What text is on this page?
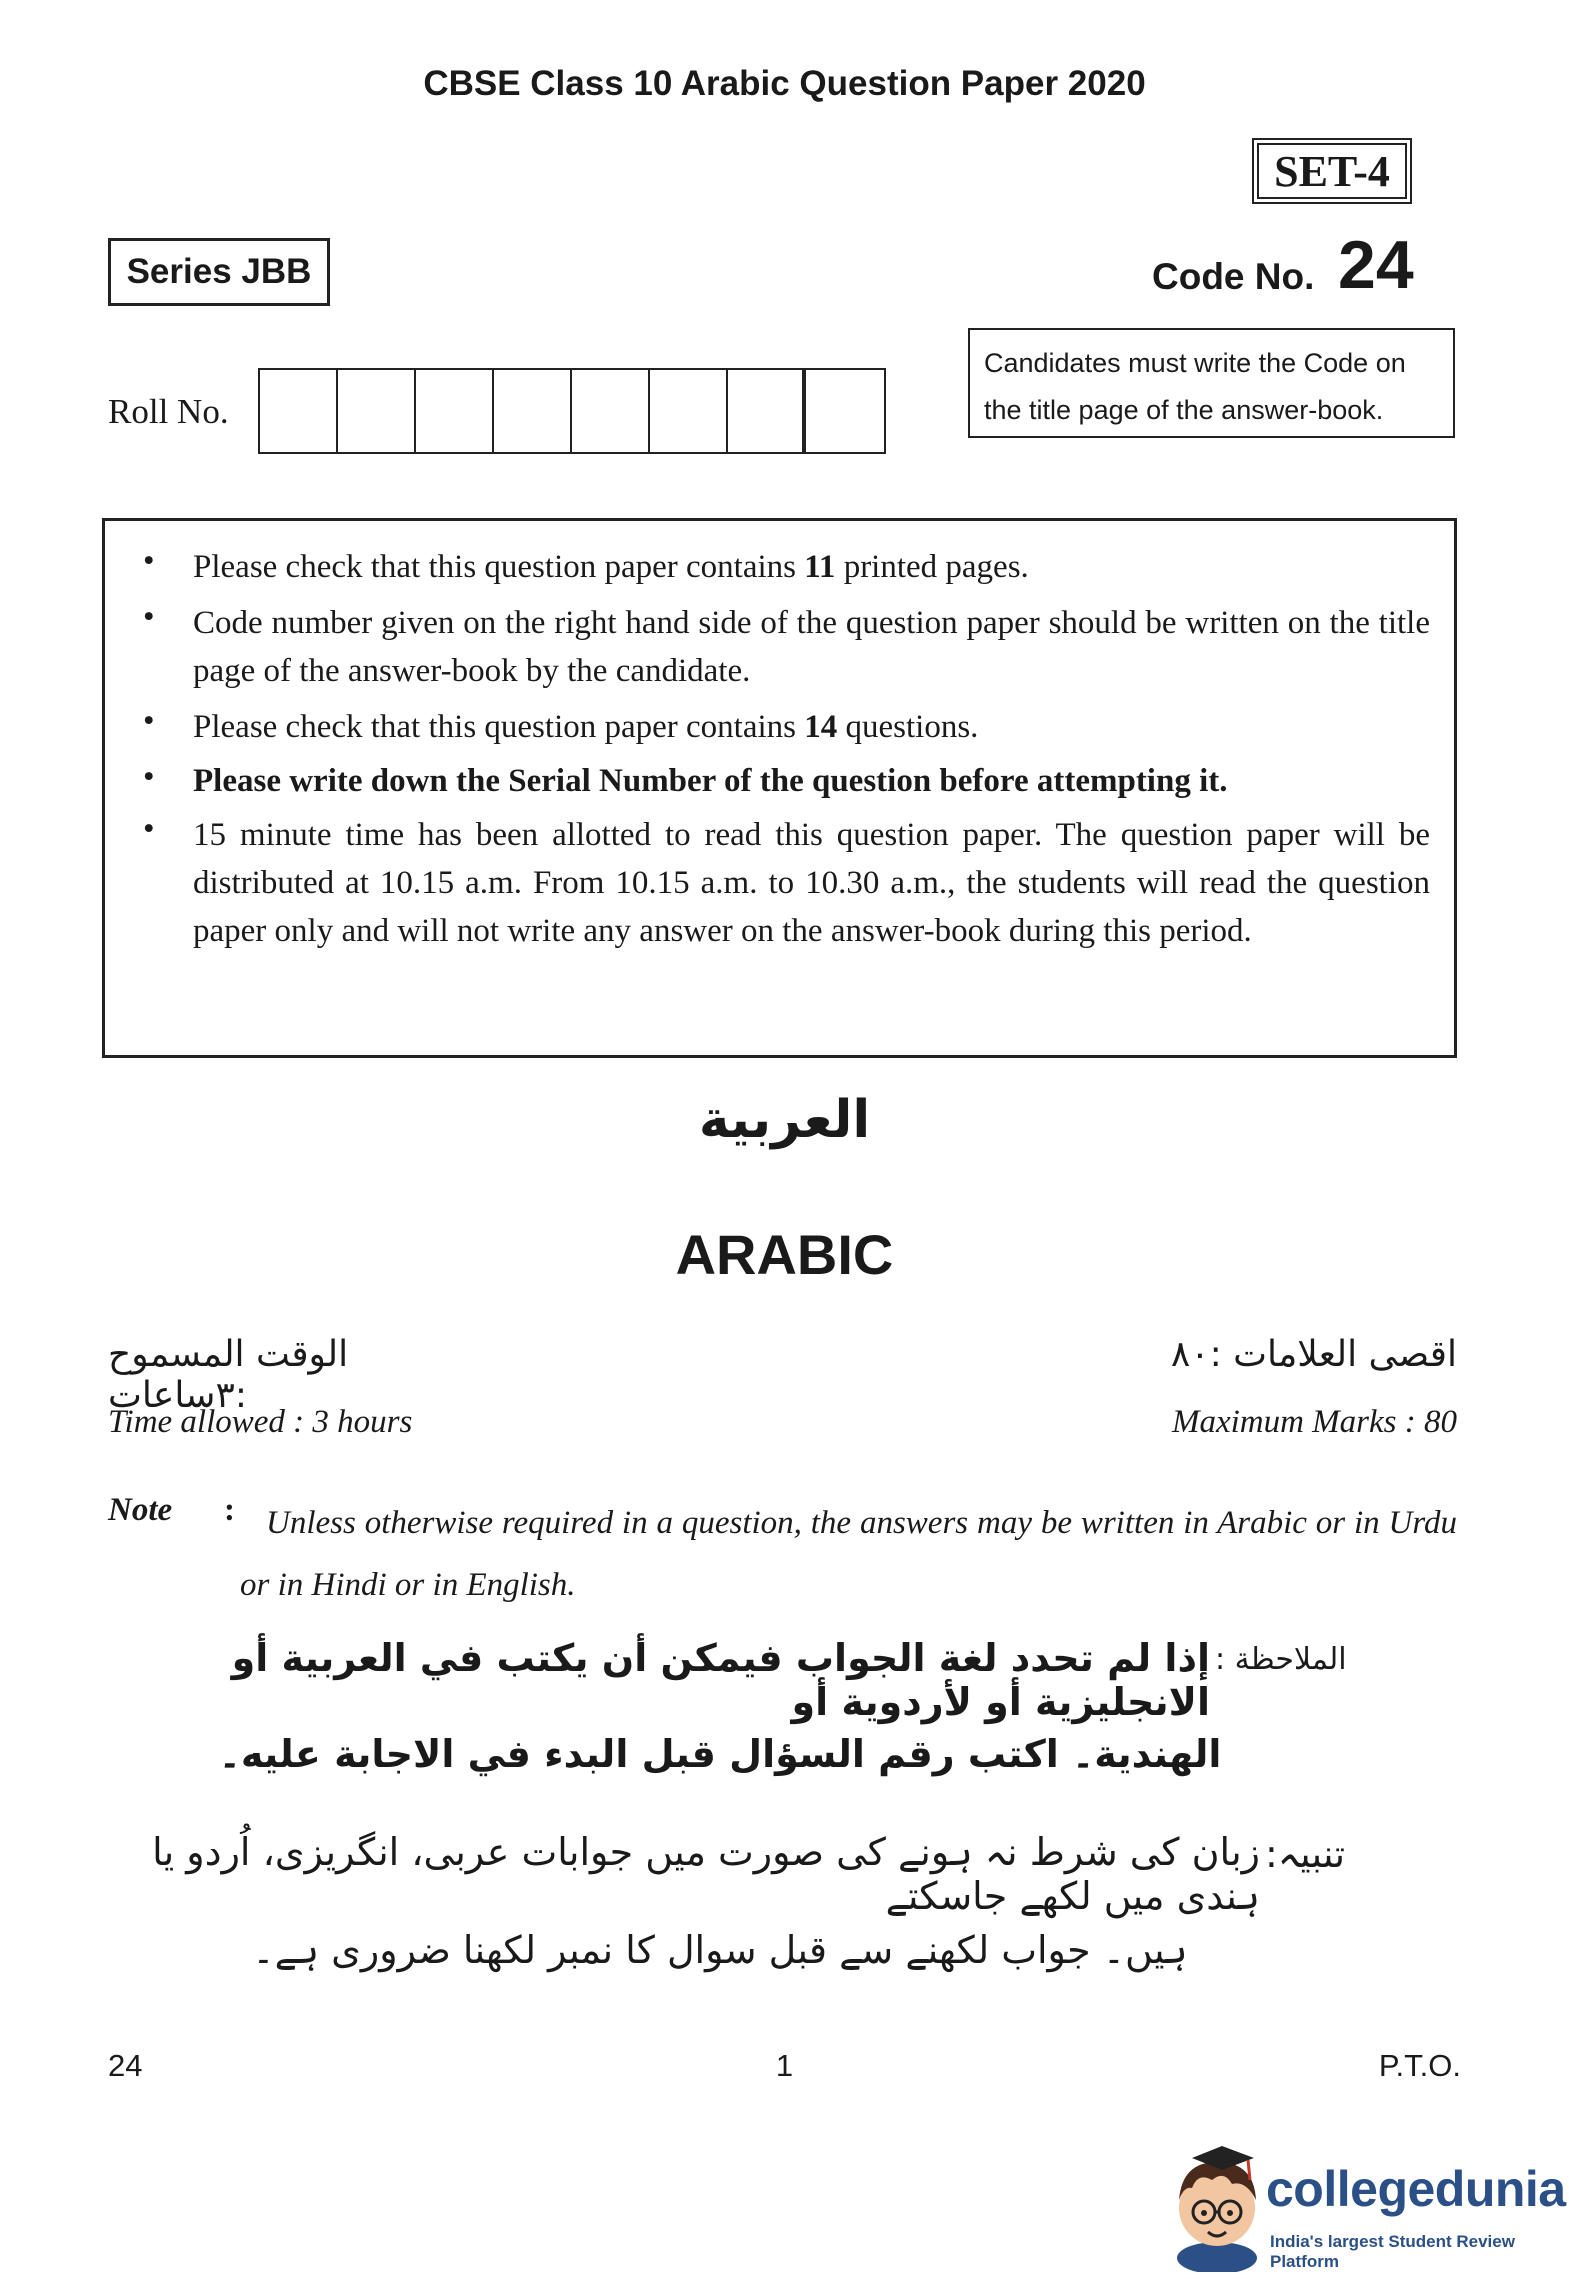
CBSE Class 10 Arabic Question Paper 2020
SET-4
Series JBB	Code No. 24
Candidates must write the Code on
the title page of the answer-book.
Roll No.
•	Please check that this question paper contains 11 printed pages.
•	Code number given on the right hand side of the question paper should be written on the title page of the answer-book by the candidate.
•	Please check that this question paper contains 14 questions.
•	Please write down the Serial Number of the question before attempting it.
•	15 minute time has been allotted to read this question paper. The question paper will be distributed at 10.15 a.m. From 10.15 a.m. to 10.30 a.m., the students will read the question paper only and will not write any answer on the answer-book during this period.
العربية
ARABIC
الوقت المسموح :٣ساعات
اقصى العلامات :٨٠
Time allowed : 3 hours	Maximum Marks : 80
Note : Unless otherwise required in a question, the answers may be written in Arabic or in Urdu or in Hindi or in English.
الملاحظة :
إذا لم تحدد لغة الجواب فيمكن أن يكتب في العربية أو الانجليزية أو لأردوية أو
الهندية۔ اكتب رقم السؤال قبل البدء في الاجابة عليه۔
تنبیہ:
زبان کی شرط نہ ہونے کی صورت میں جوابات عربی، انگریزی، اُردو یا ہندی میں لکھے جاسکتے
ہیں۔ جواب لکھنے سے قبل سوال کا نمبر لکھنا ضروری ہے۔
24	1	P.T.O.
collegedunia
India's largest Student Review Platform
